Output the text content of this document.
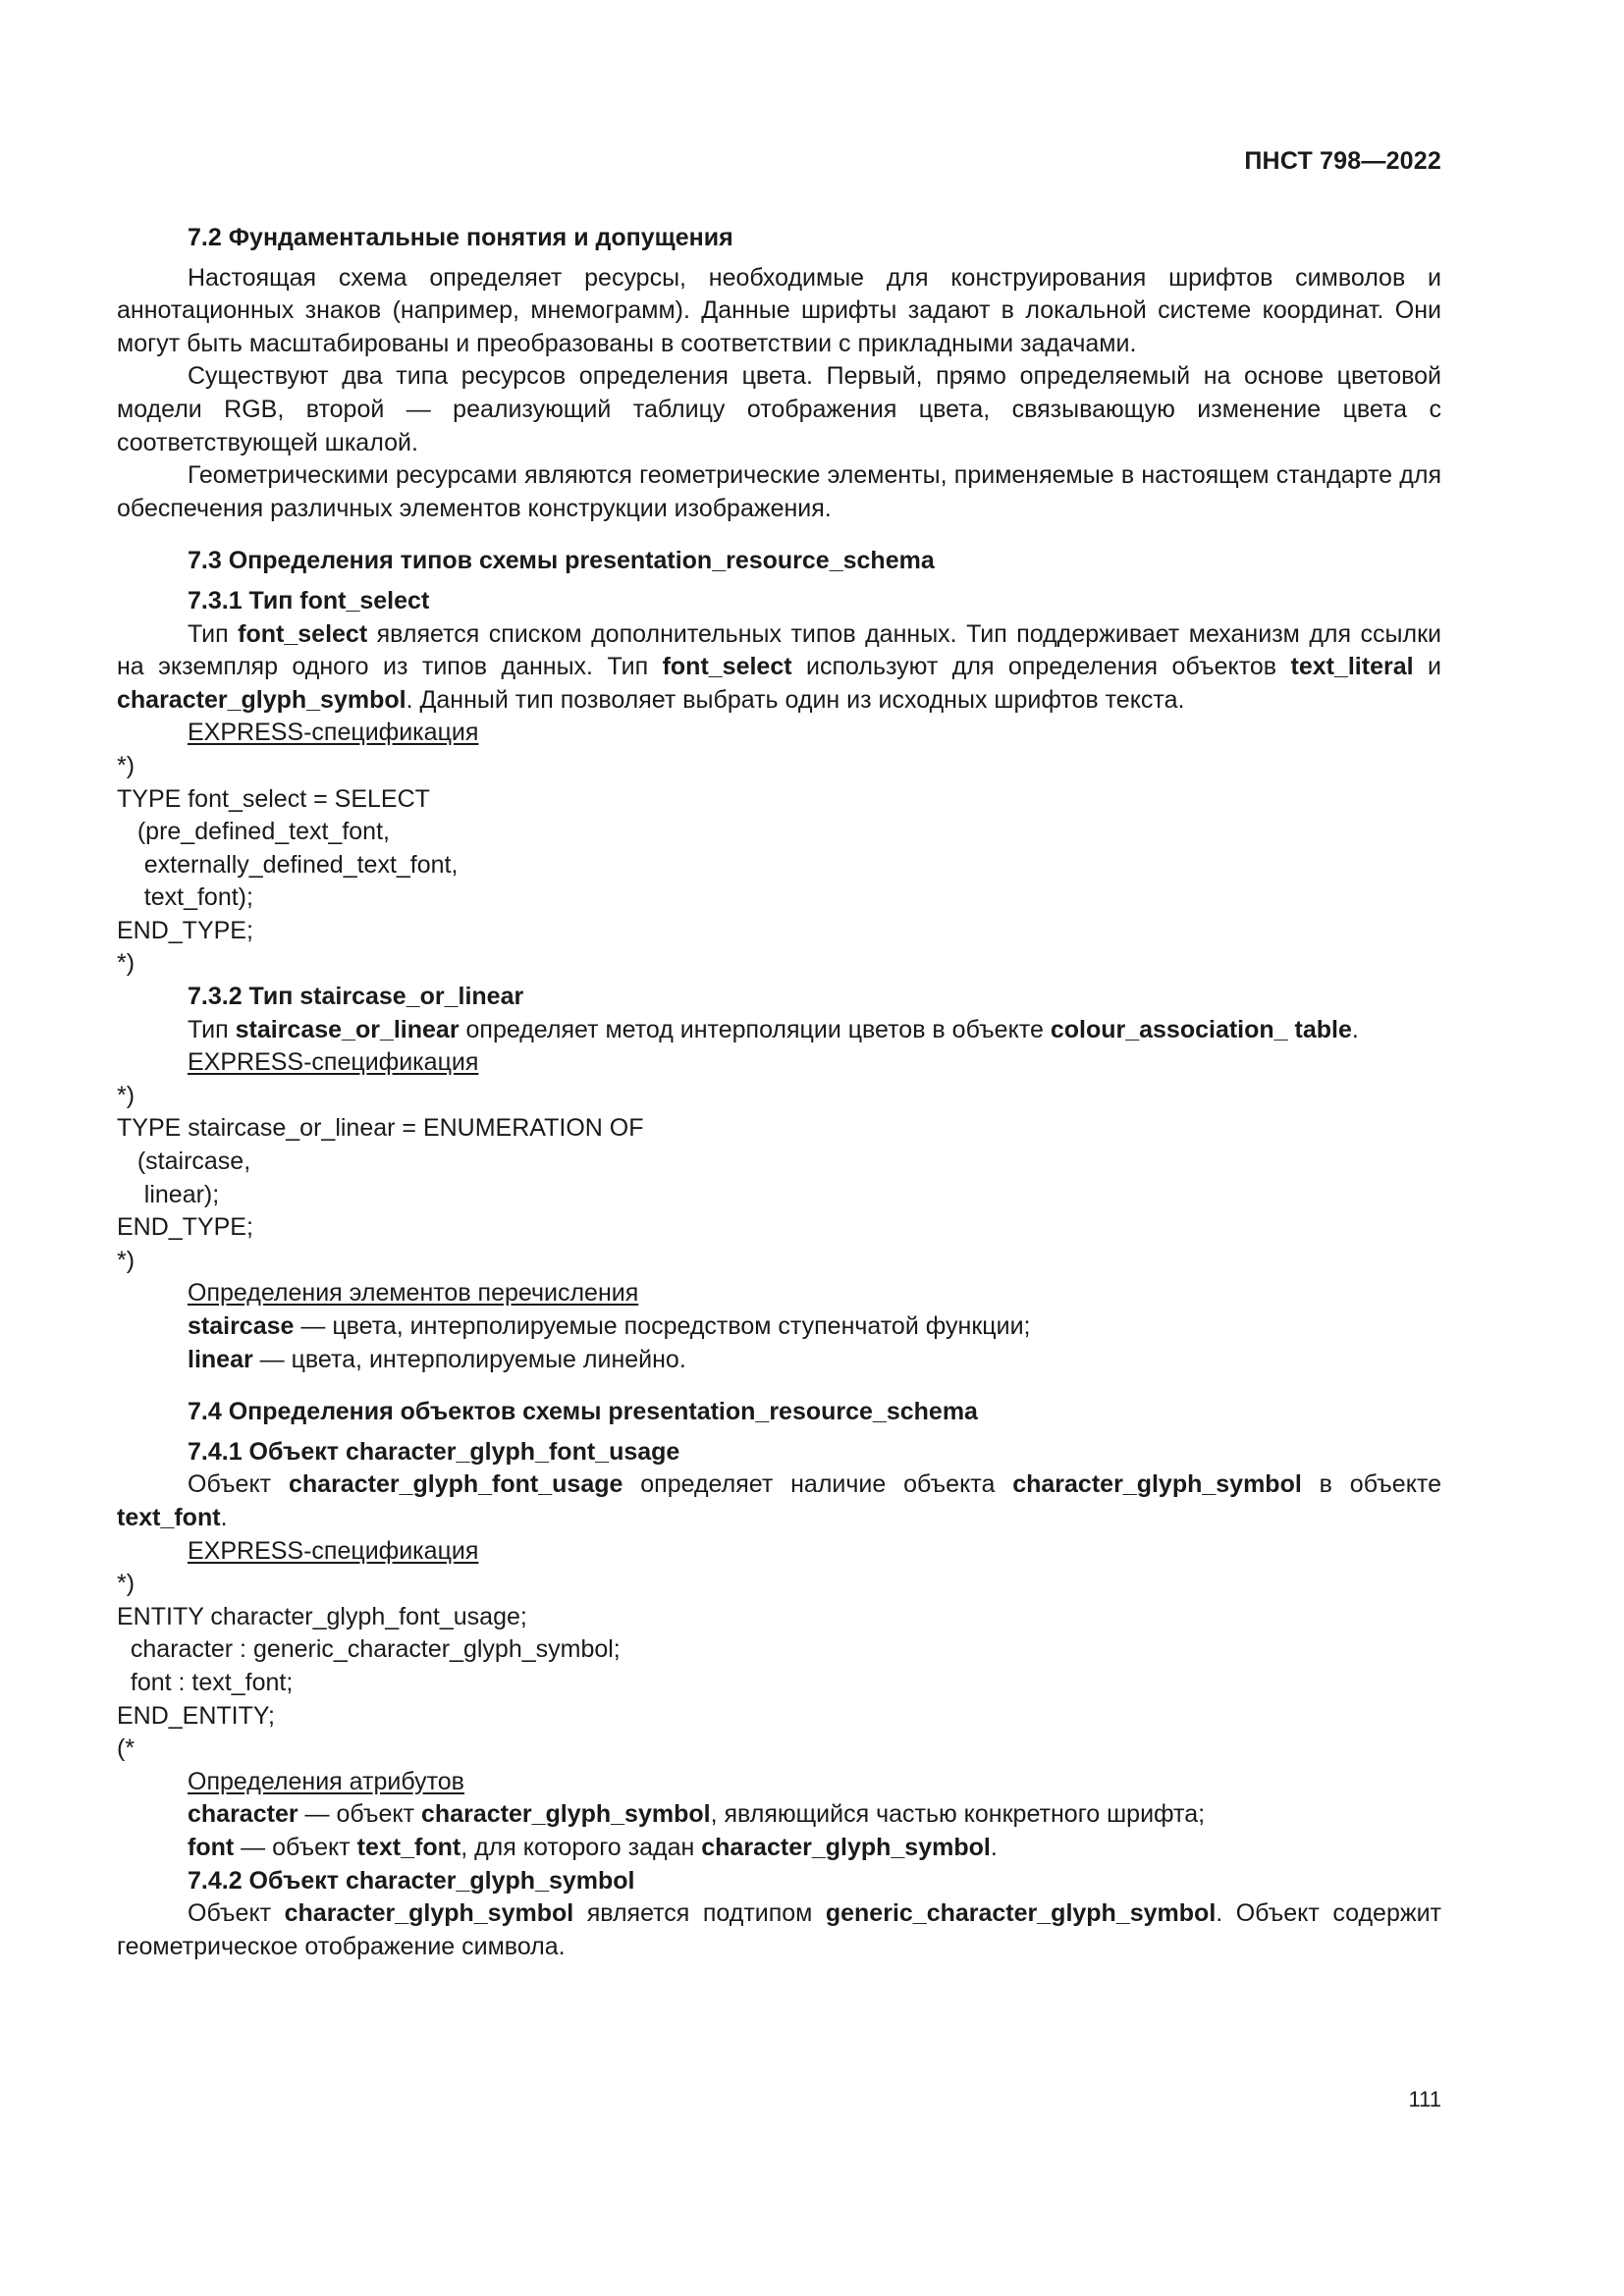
ПНСТ 798—2022

7.2 Фундаментальные понятия и допущения

Настоящая схема определяет ресурсы, необходимые для конструирования шрифтов символов и аннотационных знаков (например, мнемограмм). Данные шрифты задают в локальной системе координат. Они могут быть масштабированы и преобразованы в соответствии с прикладными задачами.

Существуют два типа ресурсов определения цвета. Первый, прямо определяемый на основе цветовой модели RGB, второй — реализующий таблицу отображения цвета, связывающую изменение цвета с соответствующей шкалой.

Геометрическими ресурсами являются геометрические элементы, применяемые в настоящем стандарте для обеспечения различных элементов конструкции изображения.

7.3 Определения типов схемы presentation_resource_schema

7.3.1 Тип font_select

Тип font_select является списком дополнительных типов данных. Тип поддерживает механизм для ссылки на экземпляр одного из типов данных. Тип font_select используют для определения объектов text_literal и character_glyph_symbol. Данный тип позволяет выбрать один из исходных шрифтов текста.

EXPRESS-спецификация

*)
TYPE font_select = SELECT
(pre_defined_text_font,
externally_defined_text_font,
text_font);
END_TYPE;
*)

7.3.2 Тип staircase_or_linear

Тип staircase_or_linear определяет метод интерполяции цветов в объекте colour_association_ table.

EXPRESS-спецификация

*)
TYPE staircase_or_linear = ENUMERATION OF
(staircase,
linear);
END_TYPE;
*)

Определения элементов перечисления

staircase — цвета, интерполируемые посредством ступенчатой функции;

linear — цвета, интерполируемые линейно.

7.4 Определения объектов схемы presentation_resource_schema

7.4.1 Объект character_glyph_font_usage

Объект character_glyph_font_usage определяет наличие объекта character_glyph_symbol в объекте text_font.

EXPRESS-спецификация

*)
ENTITY character_glyph_font_usage;
character : generic_character_glyph_symbol;
font : text_font;
END_ENTITY;
(*

Определения атрибутов

character — объект character_glyph_symbol, являющийся частью конкретного шрифта;

font — объект text_font, для которого задан character_glyph_symbol.

7.4.2 Объект character_glyph_symbol

Объект character_glyph_symbol является подтипом generic_character_glyph_symbol. Объект содержит геометрическое отображение символа.

111
